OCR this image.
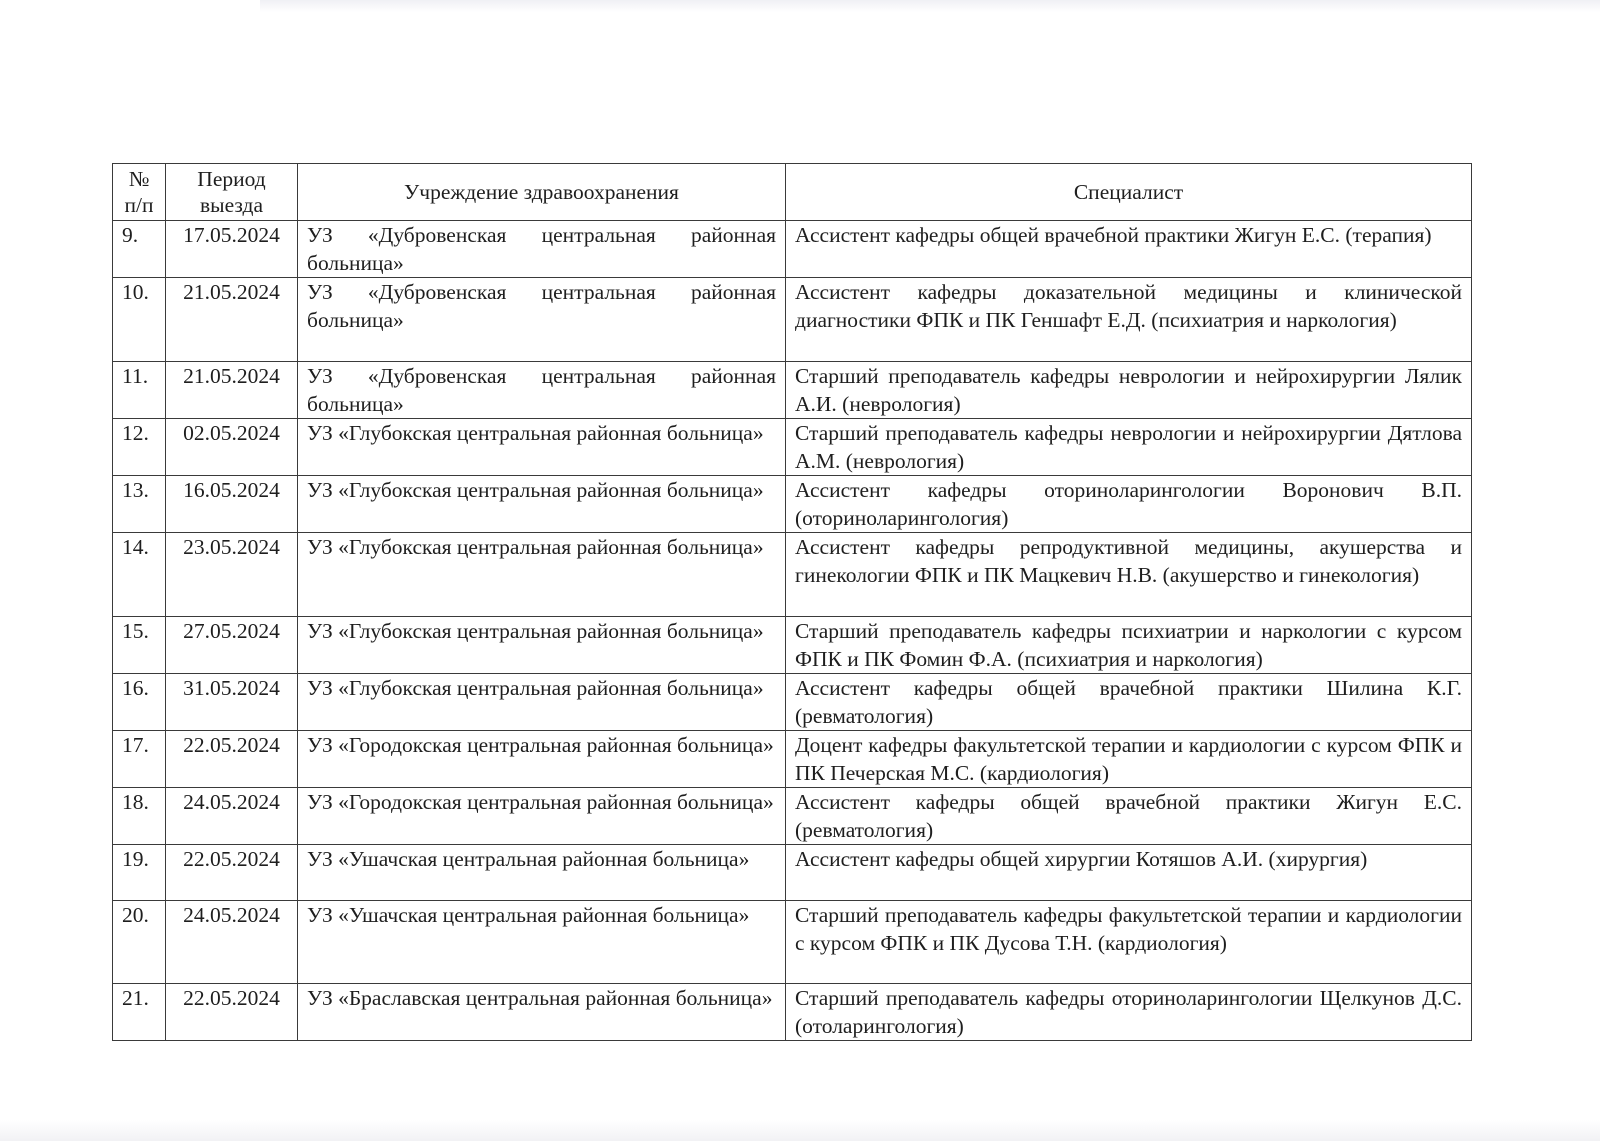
№ п/п	Период выезда	Учреждение здравоохранения	Специалист
9.	17.05.2024	УЗ «Дубровенская центральная районная больница»	Ассистент кафедры общей врачебной практики Жигун Е.С. (терапия)

10.	21.05.2024	УЗ «Дубровенская центральная районная больница»	Ассистент кафедры доказательной медицины и клинической диагностики ФПК и ПК Геншафт Е.Д. (психиатрия и наркология)

11.	21.05.2024	УЗ «Дубровенская центральная районная больница»	Старший преподаватель кафедры неврологии и нейрохирургии Лялик А.И. (неврология)

12.	02.05.2024	УЗ «Глубокская центральная районная больница»	Старший преподаватель кафедры неврологии и нейрохирургии Дятлова А.М. (неврология)

13.	16.05.2024	УЗ «Глубокская центральная районная больница»	Ассистент кафедры оториноларингологии Воронович В.П. (оториноларингология)

14.	23.05.2024	УЗ «Глубокская центральная районная больница»	Ассистент кафедры репродуктивной медицины, акушерства и гинекологии ФПК и ПК Мацкевич Н.В. (акушерство и гинекология)

15.	27.05.2024	УЗ «Глубокская центральная районная больница»	Старший преподаватель кафедры психиатрии и наркологии с курсом ФПК и ПК Фомин Ф.А. (психиатрия и наркология)

16.	31.05.2024	УЗ «Глубокская центральная районная больница»	Ассистент кафедры общей врачебной практики Шилина К.Г. (ревматология)

17.	22.05.2024	УЗ «Городокская центральная районная больница»	Доцент кафедры факультетской терапии и кардиологии с курсом ФПК и ПК Печерская М.С. (кардиология)

18.	24.05.2024	УЗ «Городокская центральная районная больница»	Ассистент кафедры общей врачебной практики Жигун Е.С. (ревматология)

19.	22.05.2024	УЗ «Ушачская центральная районная больница»	Ассистент кафедры общей хирургии Котяшов А.И. (хирургия)

20.	24.05.2024	УЗ «Ушачская центральная районная больница»	Старший преподаватель кафедры факультетской терапии и кардиологии с курсом ФПК и ПК Дусова Т.Н. (кардиология)

21.	22.05.2024	УЗ «Браславская центральная районная больница»	Старший преподаватель кафедры оториноларингологии Щелкунов Д.С. (отоларингология)
